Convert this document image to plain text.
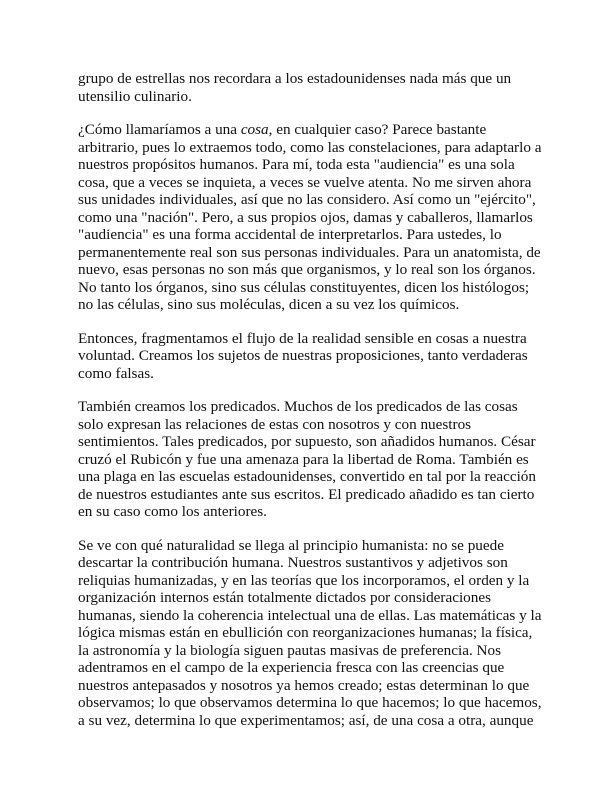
grupo de estrellas nos recordara a los estadounidenses nada más que un utensilio culinario.

¿Cómo llamaríamos a una cosa, en cualquier caso? Parece bastante arbitrario, pues lo extraemos todo, como las constelaciones, para adaptarlo a nuestros propósitos humanos. Para mí, toda esta "audiencia" es una sola cosa, que a veces se inquieta, a veces se vuelve atenta. No me sirven ahora sus unidades individuales, así que no las considero. Así como un "ejército", como una "nación". Pero, a sus propios ojos, damas y caballeros, llamarlos "audiencia" es una forma accidental de interpretarlos. Para ustedes, lo permanentemente real son sus personas individuales. Para un anatomista, de nuevo, esas personas no son más que organismos, y lo real son los órganos. No tanto los órganos, sino sus células constituyentes, dicen los histólogos; no las células, sino sus moléculas, dicen a su vez los químicos.

Entonces, fragmentamos el flujo de la realidad sensible en cosas a nuestra voluntad. Creamos los sujetos de nuestras proposiciones, tanto verdaderas como falsas.

También creamos los predicados. Muchos de los predicados de las cosas solo expresan las relaciones de estas con nosotros y con nuestros sentimientos. Tales predicados, por supuesto, son añadidos humanos. César cruzó el Rubicón y fue una amenaza para la libertad de Roma. También es una plaga en las escuelas estadounidenses, convertido en tal por la reacción de nuestros estudiantes ante sus escritos. El predicado añadido es tan cierto en su caso como los anteriores.

Se ve con qué naturalidad se llega al principio humanista: no se puede descartar la contribución humana. Nuestros sustantivos y adjetivos son reliquias humanizadas, y en las teorías que los incorporamos, el orden y la organización internos están totalmente dictados por consideraciones humanas, siendo la coherencia intelectual una de ellas. Las matemáticas y la lógica mismas están en ebullición con reorganizaciones humanas; la física, la astronomía y la biología siguen pautas masivas de preferencia. Nos adentramos en el campo de la experiencia fresca con las creencias que nuestros antepasados y nosotros ya hemos creado; estas determinan lo que observamos; lo que observamos determina lo que hacemos; lo que hacemos, a su vez, determina lo que experimentamos; así, de una cosa a otra, aunque
